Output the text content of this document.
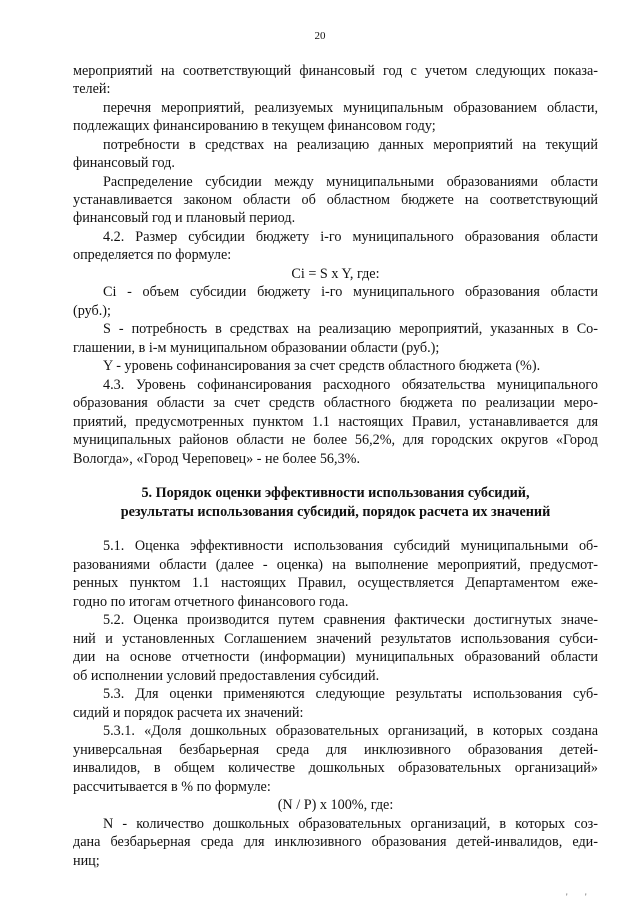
20
мероприятий на соответствующий финансовый год с учетом следующих показа-
телей:
перечня мероприятий, реализуемых муниципальным образованием области,
подлежащих финансированию в текущем финансовом году;
потребности в средствах на реализацию данных мероприятий на текущий
финансовый год.
Распределение субсидии между муниципальными образованиями области
устанавливается законом области об областном бюджете на соответствующий
финансовый год и плановый период.
4.2. Размер субсидии бюджету i-го муниципального образования области
определяется по формуле:
Ci = S x Y, где:
Ci - объем субсидии бюджету i-го муниципального образования области
(руб.);
S - потребность в средствах на реализацию мероприятий, указанных в Со-
глашении, в i-м муниципальном образовании области (руб.);
Y - уровень софинансирования за счет средств областного бюджета (%).
4.3. Уровень софинансирования расходного обязательства муниципального
образования области за счет средств областного бюджета по реализации меро-
приятий, предусмотренных пунктом 1.1 настоящих Правил, устанавливается для
муниципальных районов области не более 56,2%, для городских округов «Город
Вологда», «Город Череповец» - не более 56,3%.
5. Порядок оценки эффективности использования субсидий,
результаты использования субсидий, порядок расчета их значений
5.1. Оценка эффективности использования субсидий муниципальными об-
разованиями области (далее - оценка) на выполнение мероприятий, предусмот-
ренных пунктом 1.1 настоящих Правил, осуществляется Департаментом еже-
годно по итогам отчетного финансового года.
5.2. Оценка производится путем сравнения фактически достигнутых значе-
ний и установленных Соглашением значений результатов использования субси-
дии на основе отчетности (информации) муниципальных образований области
об исполнении условий предоставления субсидий.
5.3. Для оценки применяются следующие результаты использования суб-
сидий и порядок расчета их значений:
5.3.1. «Доля дошкольных образовательных организаций, в которых создана
универсальная безбарьерная среда для инклюзивного образования детей-
инвалидов, в общем количестве дошкольных образовательных организаций»
рассчитывается в % по формуле:
(N / P) x 100%, где:
N - количество дошкольных образовательных организаций, в которых соз-
дана безбарьерная среда для инклюзивного образования детей-инвалидов, еди-
ниц;
' '
